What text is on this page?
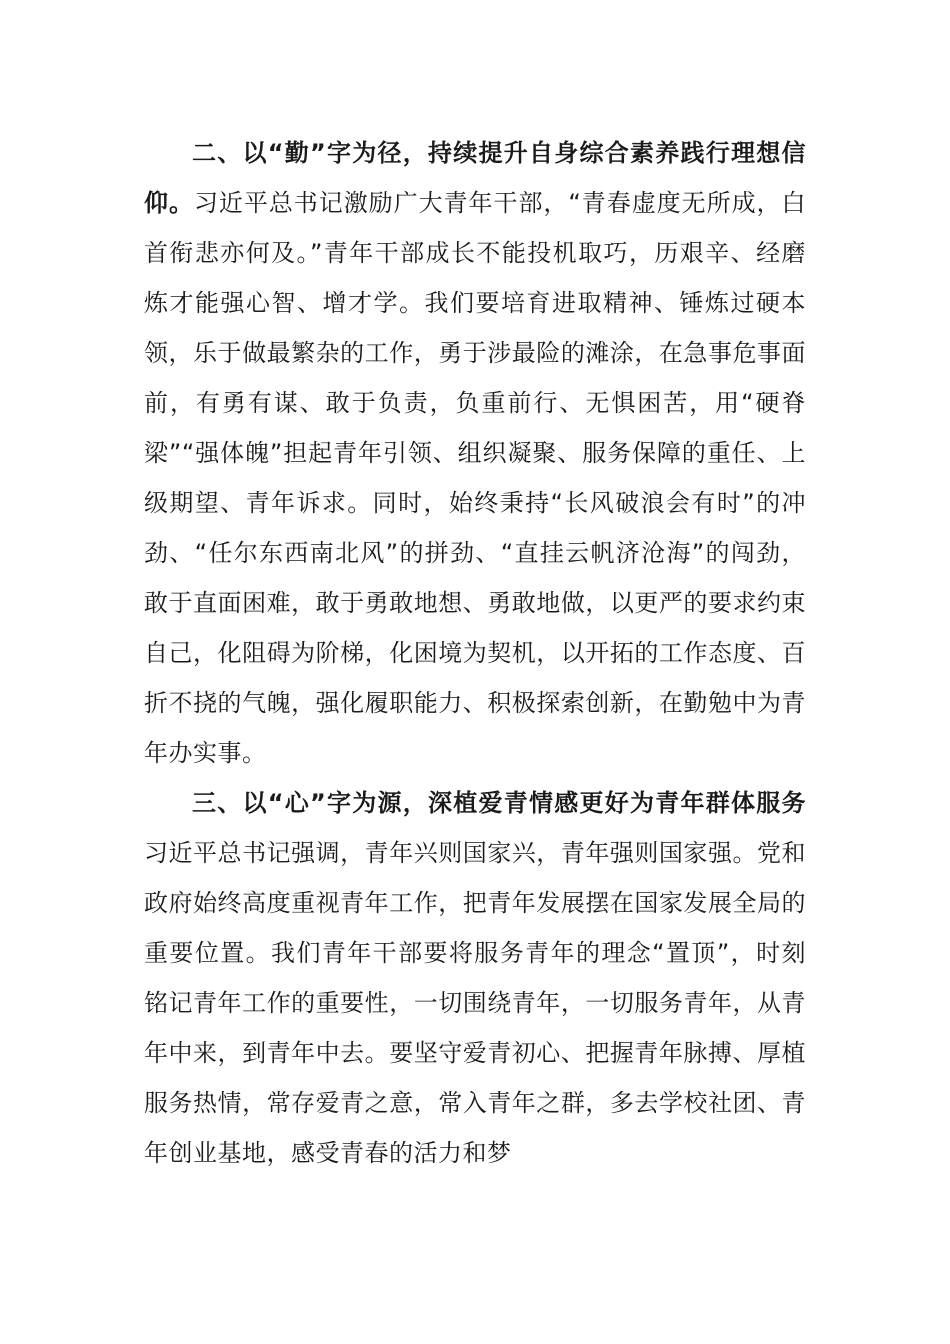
二、以“勤”字为径，持续提升自身综合素养践行理想信仰。习近平总书记激励广大青年干部，“青春虚度无所成，白首衔悲亦何及。”青年干部成长不能投机取巧，历艰辛、经磨炼才能强心智、增才学。我们要培育进取精神、锤炼过硬本领，乐于做最繁杂的工作，勇于涉最险的滩涂，在急事危事面前，有勇有谋、敢于负责，负重前行、无惧困苦，用“硬脊梁”“强体魄”担起青年引领、组织凝聚、服务保障的重任、上级期望、青年诉求。同时，始终秉持“长风破浪会有时”的冲劲、“任尔东西南北风”的拼劲、“直挂云帆济沧海”的闯劲，敢于直面困难，敢于勇敢地想、勇敢地做，以更严的要求约束自己，化阻碍为阶梯，化困境为契机，以开拓的工作态度、百折不挠的气魄，强化履职能力、积极探索创新，在勤勉中为青年办实事。

三、以“心”字为源，深植爱青情感更好为青年群体服务习近平总书记强调，青年兴则国家兴，青年强则国家强。党和政府始终高度重视青年工作，把青年发展摆在国家发展全局的重要位置。我们青年干部要将服务青年的理念“置顶”，时刻铭记青年工作的重要性，一切围绕青年，一切服务青年，从青年中来，到青年中去。要坚守爱青初心、把握青年脉搏、厚植服务热情，常存爱青之意，常入青年之群，多去学校社团、青年创业基地，感受青春的活力和梦
